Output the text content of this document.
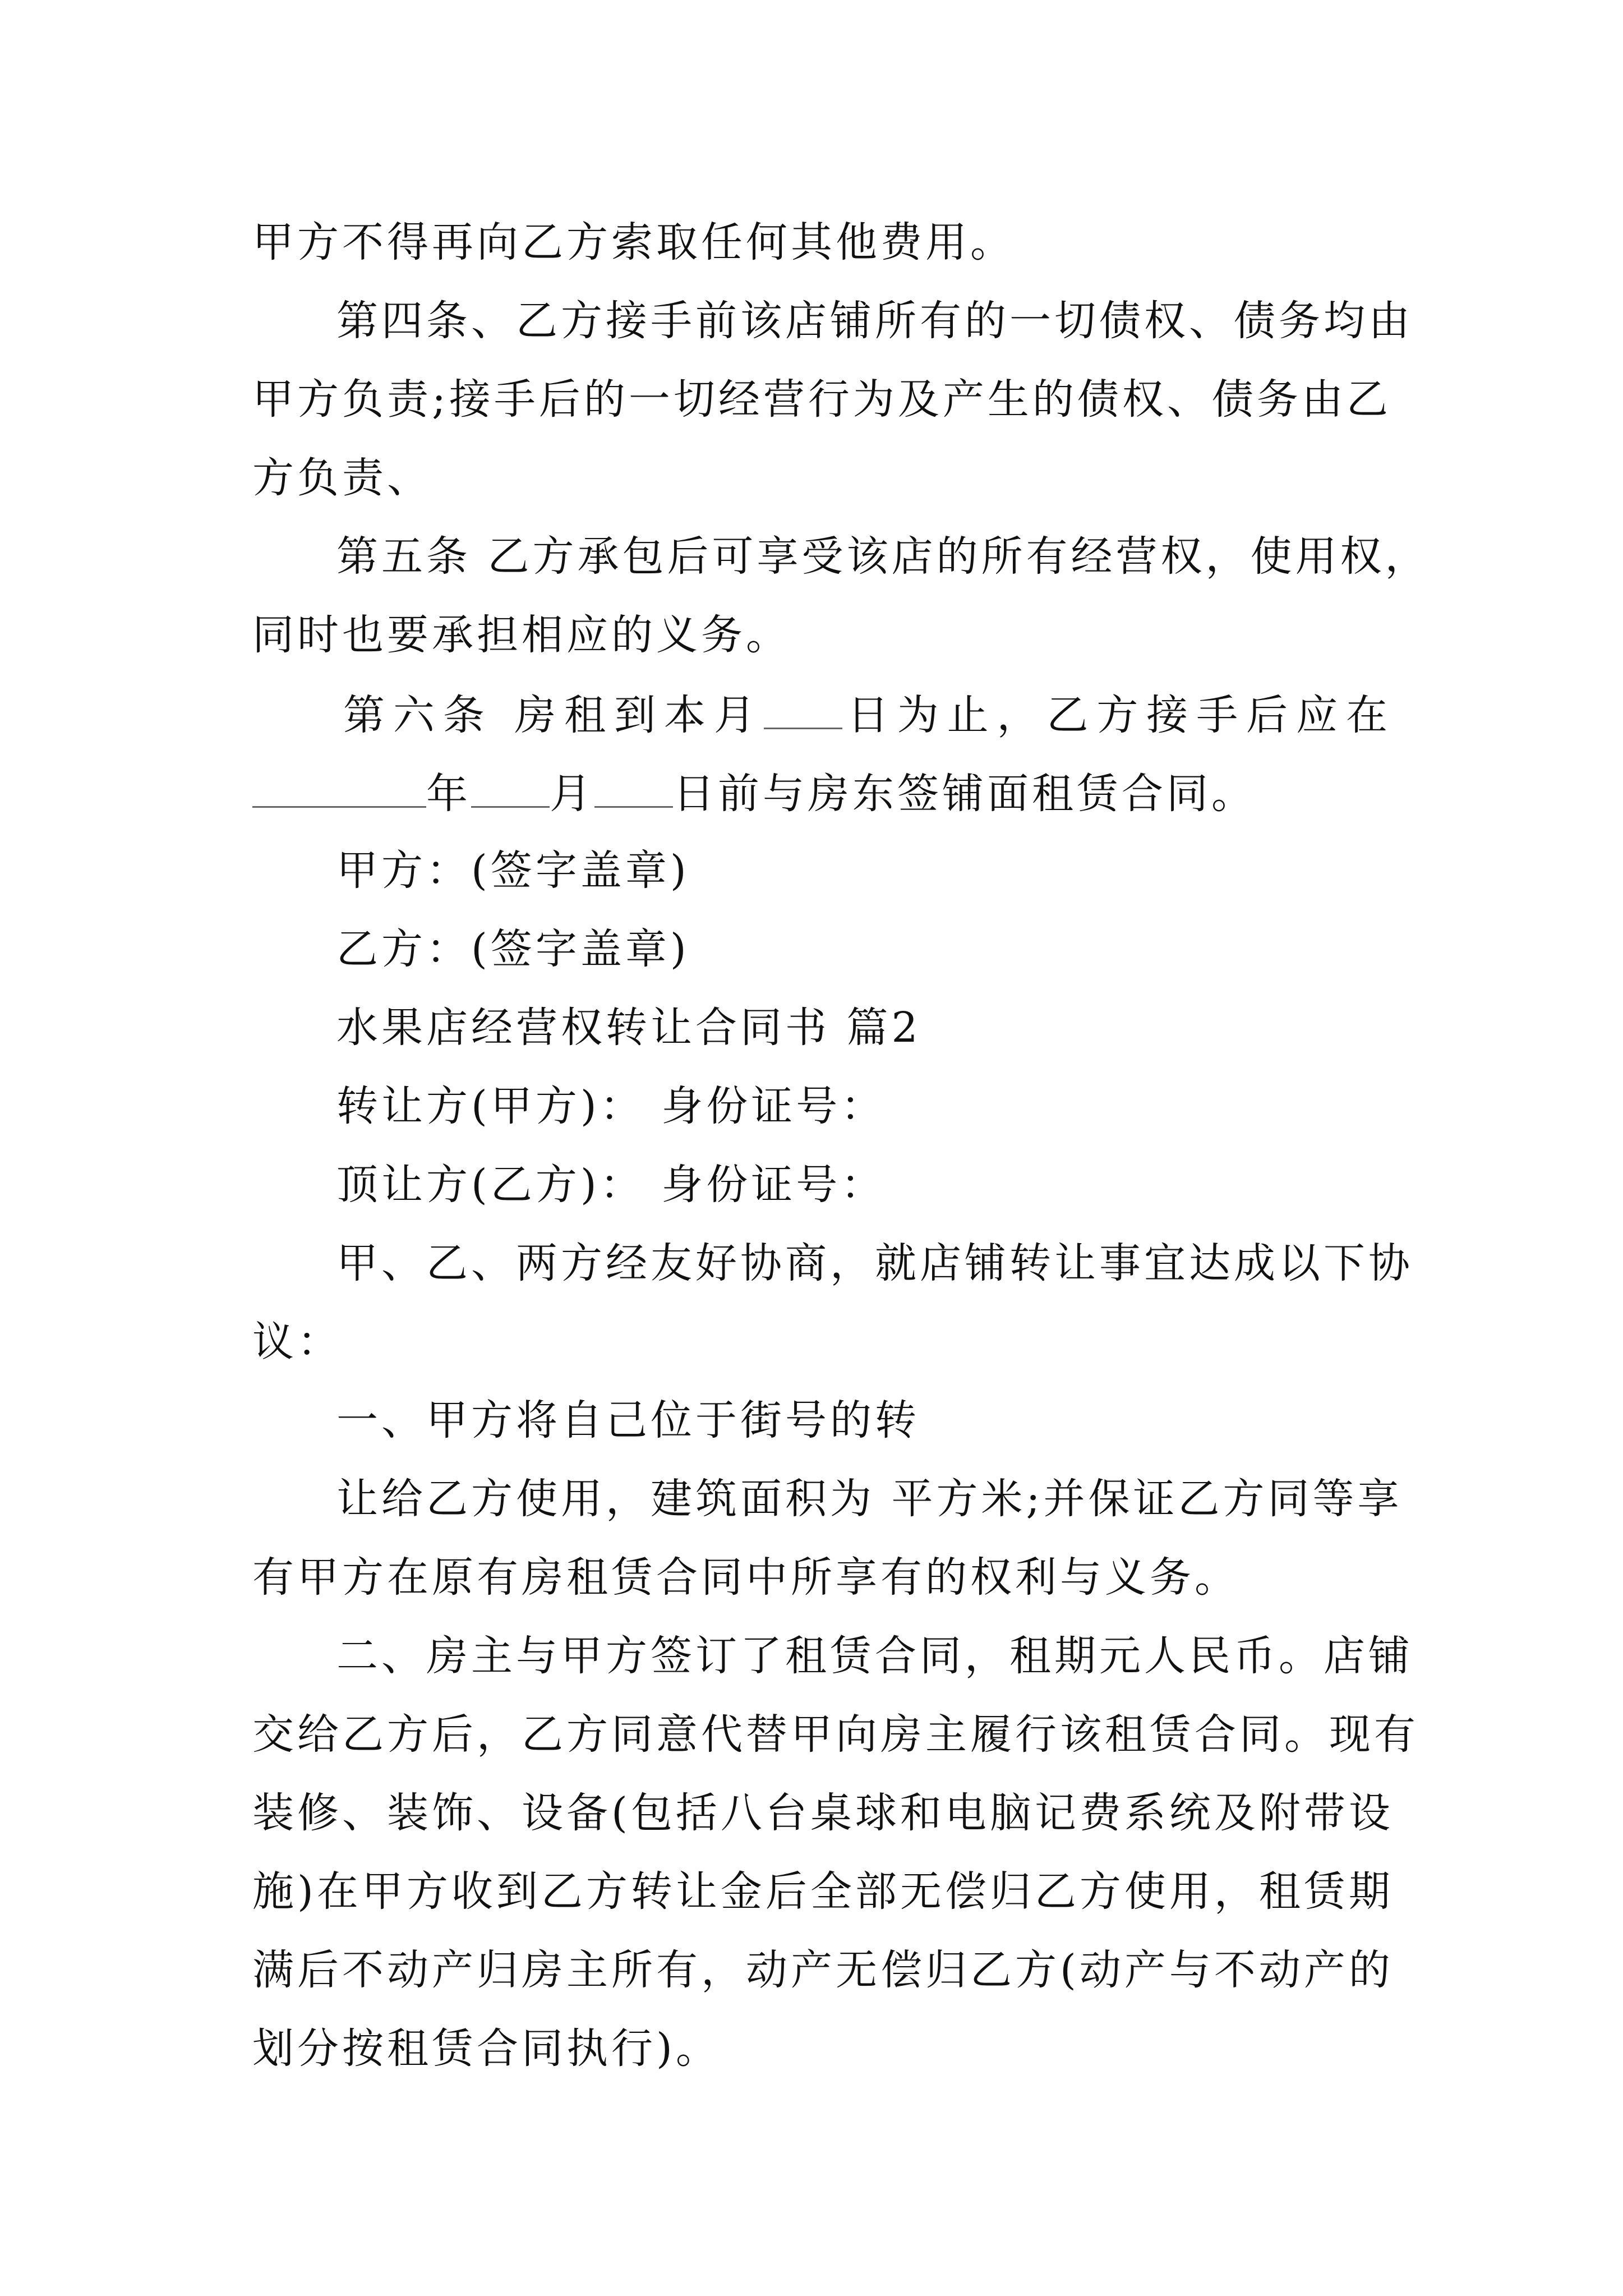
甲方不得再向乙方索取任何其他费用。
第四条、乙方接手前该店铺所有的一切债权、债务均由
甲方负责;接手后的一切经营行为及产生的债权、债务由乙
方负责、
第五条 乙方承包后可享受该店的所有经营权，使用权，
同时也要承担相应的义务。
第六条 房租到本月 日为止，乙方接手后应在
年 月 日前与房东签铺面租赁合同。
甲方：(签字盖章)
乙方：(签字盖章)
水果店经营权转让合同书 篇2
转让方(甲方)： 身份证号：
顶让方(乙方)： 身份证号：
甲、乙、两方经友好协商，就店铺转让事宜达成以下协
议：
一、甲方将自己位于街号的转
让给乙方使用，建筑面积为 平方米;并保证乙方同等享
有甲方在原有房租赁合同中所享有的权利与义务。
二、房主与甲方签订了租赁合同，租期元人民币。店铺
交给乙方后，乙方同意代替甲向房主履行该租赁合同。现有
装修、装饰、设备(包括八台桌球和电脑记费系统及附带设
施)在甲方收到乙方转让金后全部无偿归乙方使用，租赁期
满后不动产归房主所有，动产无偿归乙方(动产与不动产的
划分按租赁合同执行)。
